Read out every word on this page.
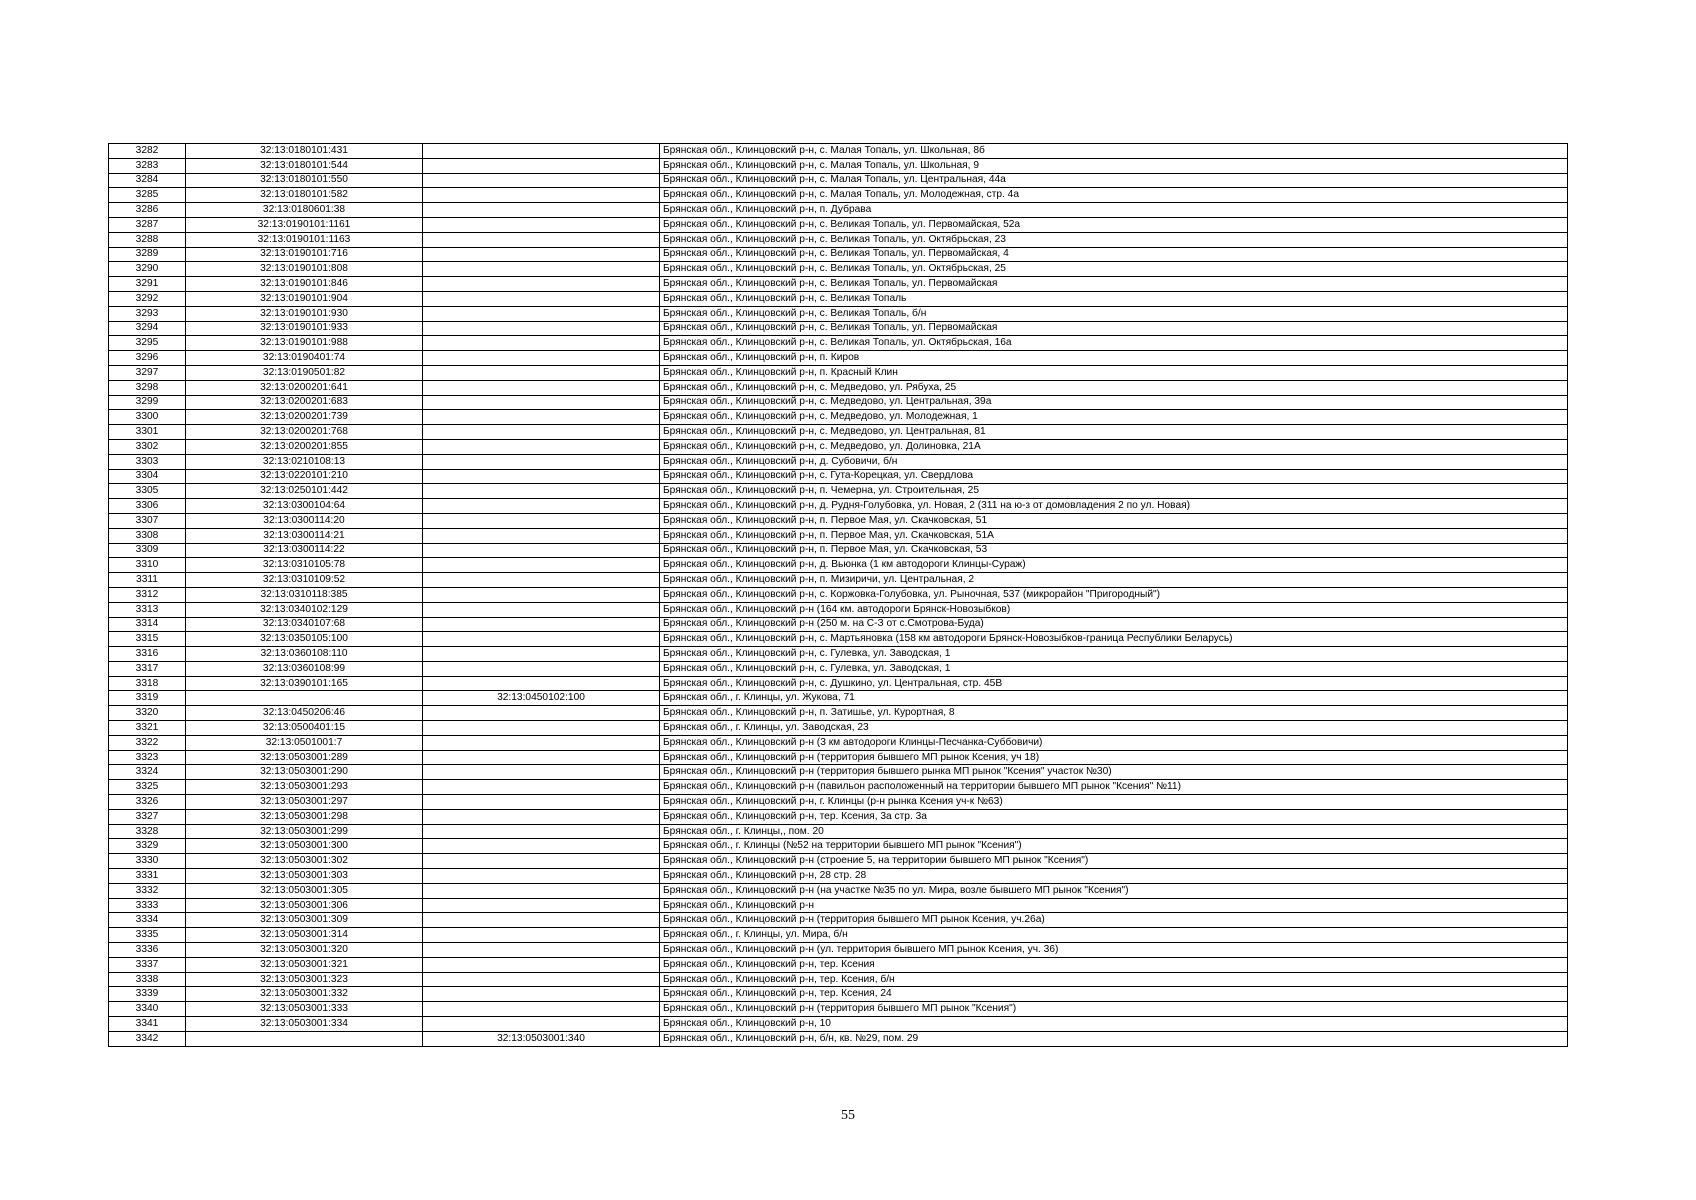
3282	32:13:0180101:431		Брянская обл., Клинцовский р-н, с. Малая Топаль, ул. Школьная, 8б
3283	32:13:0180101:544		Брянская обл., Клинцовский р-н, с. Малая Топаль, ул. Школьная, 9
3284	32:13:0180101:550		Брянская обл., Клинцовский р-н, с. Малая Топаль, ул. Центральная, 44а
3285	32:13:0180101:582		Брянская обл., Клинцовский р-н, с. Малая Топаль, ул. Молодежная, стр. 4а
3286	32:13:0180601:38		Брянская обл., Клинцовский р-н, п. Дубрава
3287	32:13:0190101:1161		Брянская обл., Клинцовский р-н, с. Великая Топаль, ул. Первомайская, 52а
3288	32:13:0190101:1163		Брянская обл., Клинцовский р-н, с. Великая Топаль, ул. Октябрьская, 23
3289	32:13:0190101:716		Брянская обл., Клинцовский р-н, с. Великая Топаль, ул. Первомайская, 4
3290	32:13:0190101:808		Брянская обл., Клинцовский р-н, с. Великая Топаль, ул. Октябрьская, 25
3291	32:13:0190101:846		Брянская обл., Клинцовский р-н, с. Великая Топаль, ул. Первомайская
3292	32:13:0190101:904		Брянская обл., Клинцовский р-н, с. Великая Топаль
3293	32:13:0190101:930		Брянская обл., Клинцовский р-н, с. Великая Топаль, б/н
3294	32:13:0190101:933		Брянская обл., Клинцовский р-н, с. Великая Топаль, ул. Первомайская
3295	32:13:0190101:988		Брянская обл., Клинцовский р-н, с. Великая Топаль, ул. Октябрьская, 16а
3296	32:13:0190401:74		Брянская обл., Клинцовский р-н, п. Киров
3297	32:13:0190501:82		Брянская обл., Клинцовский р-н, п. Красный Клин
3298	32:13:0200201:641		Брянская обл., Клинцовский р-н, с. Медведово, ул. Рябуха, 25
3299	32:13:0200201:683		Брянская обл., Клинцовский р-н, с. Медведово, ул. Центральная, 39а
3300	32:13:0200201:739		Брянская обл., Клинцовский р-н, с. Медведово, ул. Молодежная, 1
3301	32:13:0200201:768		Брянская обл., Клинцовский р-н, с. Медведово, ул. Центральная, 81
3302	32:13:0200201:855		Брянская обл., Клинцовский р-н, с. Медведово, ул. Долиновка, 21А
3303	32:13:0210108:13		Брянская обл., Клинцовский р-н, д. Субовичи, б/н
3304	32:13:0220101:210		Брянская обл., Клинцовский р-н, с. Гута-Корецкая, ул. Свердлова
3305	32:13:0250101:442		Брянская обл., Клинцовский р-н, п. Чемерна, ул. Строительная, 25
3306	32:13:0300104:64		Брянская обл., Клинцовский р-н, д. Рудня-Голубовка, ул. Новая, 2 (311 на ю-з от домовладения 2 по ул. Новая)
3307	32:13:0300114:20		Брянская обл., Клинцовский р-н, п. Первое Мая, ул. Скачковская, 51
3308	32:13:0300114:21		Брянская обл., Клинцовский р-н, п. Первое Мая, ул. Скачковская, 51А
3309	32:13:0300114:22		Брянская обл., Клинцовский р-н, п. Первое Мая, ул. Скачковская, 53
3310	32:13:0310105:78		Брянская обл., Клинцовский р-н, д. Вьюнка (1 км автодороги Клинцы-Сураж)
3311	32:13:0310109:52		Брянская обл., Клинцовский р-н, п. Мизиричи, ул. Центральная, 2
3312	32:13:0310118:385		Брянская обл., Клинцовский р-н, с. Коржовка-Голубовка, ул. Рыночная, 537 (микрорайон "Пригородный")
3313	32:13:0340102:129		Брянская обл., Клинцовский р-н (164 км. автодороги Брянск-Новозыбков)
3314	32:13:0340107:68		Брянская обл., Клинцовский р-н (250 м. на С-З от с.Смотрова-Буда)
3315	32:13:0350105:100		Брянская обл., Клинцовский р-н, с. Мартьяновка (158 км автодороги Брянск-Новозыбков-граница Республики Беларусь)
3316	32:13:0360108:110		Брянская обл., Клинцовский р-н, с. Гулевка, ул. Заводская, 1
3317	32:13:0360108:99		Брянская обл., Клинцовский р-н, с. Гулевка, ул. Заводская, 1
3318	32:13:0390101:165		Брянская обл., Клинцовский р-н, с. Душкино, ул. Центральная, стр. 45В
3319		32:13:0450102:100	Брянская обл., г. Клинцы, ул. Жукова, 71
3320	32:13:0450206:46		Брянская обл., Клинцовский р-н, п. Затишье, ул. Курортная, 8
3321	32:13:0500401:15		Брянская обл., г. Клинцы, ул. Заводская, 23
3322	32:13:0501001:7		Брянская обл., Клинцовский р-н (3 км автодороги Клинцы-Песчанка-Суббовичи)
3323	32:13:0503001:289		Брянская обл., Клинцовский р-н (территория бывшего МП рынок Ксения, уч 18)
3324	32:13:0503001:290		Брянская обл., Клинцовский р-н (территория бывшего рынка МП рынок "Ксения" участок №30)
3325	32:13:0503001:293		Брянская обл., Клинцовский р-н (павильон расположенный на территории бывшего МП рынок "Ксения" №11)
3326	32:13:0503001:297		Брянская обл., Клинцовский р-н, г. Клинцы (р-н рынка Ксения уч-к №63)
3327	32:13:0503001:298		Брянская обл., Клинцовский р-н, тер. Ксения, 3а стр. 3а
3328	32:13:0503001:299		Брянская обл., г. Клинцы,, пом. 20
3329	32:13:0503001:300		Брянская обл., г. Клинцы (№52 на территории бывшего МП рынок "Ксения")
3330	32:13:0503001:302		Брянская обл., Клинцовский р-н (строение 5, на территории бывшего МП рынок "Ксения")
3331	32:13:0503001:303		Брянская обл., Клинцовский р-н, 28 стр. 28
3332	32:13:0503001:305		Брянская обл., Клинцовский р-н (на участке №35 по ул. Мира, возле бывшего МП рынок "Ксения")
3333	32:13:0503001:306		Брянская обл., Клинцовский р-н
3334	32:13:0503001:309		Брянская обл., Клинцовский р-н (территория бывшего МП рынок Ксения, уч.26а)
3335	32:13:0503001:314		Брянская обл., г. Клинцы, ул. Мира, б/н
3336	32:13:0503001:320		Брянская обл., Клинцовский р-н (ул. территория бывшего МП рынок Ксения, уч. 36)
3337	32:13:0503001:321		Брянская обл., Клинцовский р-н, тер. Ксения
3338	32:13:0503001:323		Брянская обл., Клинцовский р-н, тер. Ксения, б/н
3339	32:13:0503001:332		Брянская обл., Клинцовский р-н, тер. Ксения, 24
3340	32:13:0503001:333		Брянская обл., Клинцовский р-н (территория бывшего МП рынок "Ксения")
3341	32:13:0503001:334		Брянская обл., Клинцовский р-н, 10
3342		32:13:0503001:340	Брянская обл., Клинцовский р-н, б/н, кв. №29, пом. 29
55
